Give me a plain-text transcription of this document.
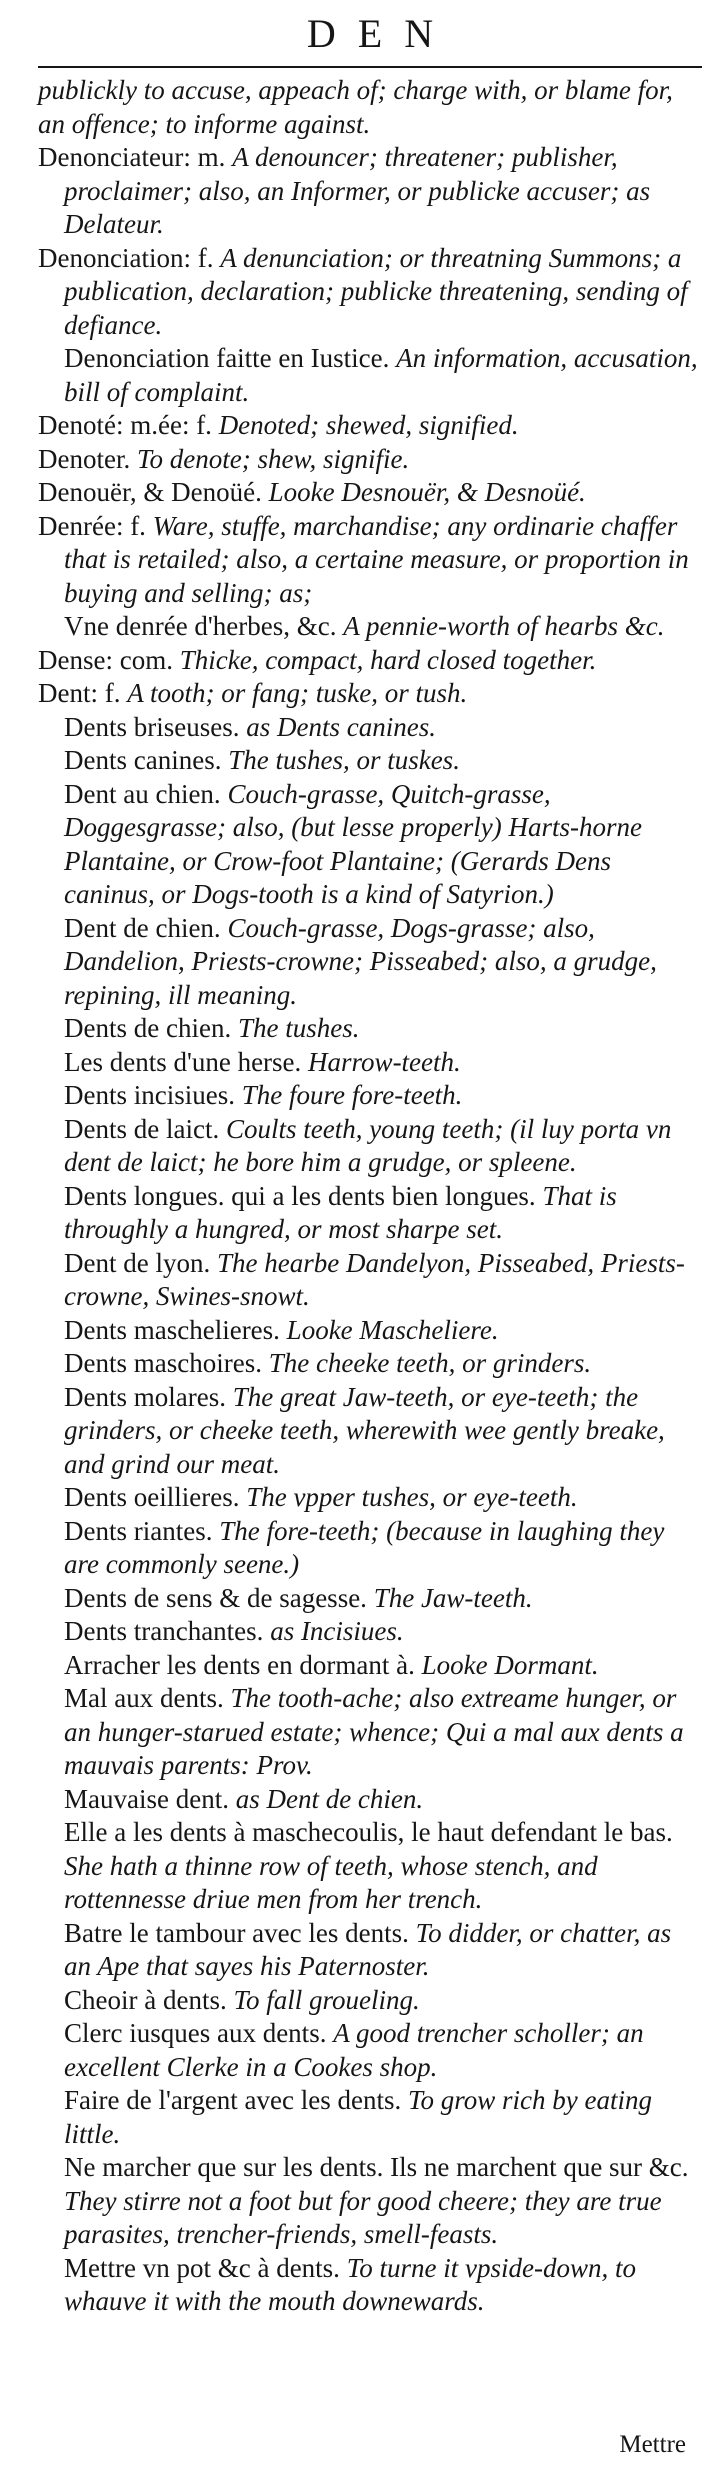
DEN
publickly to accuse, appeach of; charge with, or blame for, an offence; to informe against.
Denonciateur: m. A denouncer; threatener; publisher, proclaimer; also, an Informer, or publicke accuser; as Delateur.
Denonciation: f. A denunciation; or threatning Summons; a publication, declaration; publicke threatening, sending of defiance.
Denonciation faitte en Iustice. An information, accusation, bill of complaint.
Denoté: m.ée: f. Denoted; shewed, signified.
Denoter. To denote; shew, signifie.
Denouër, & Denoüé. Looke Desnouër, & Desnoüé.
Denrée: f. Ware, stuffe, marchandise; any ordinarie chaffer that is retailed; also, a certaine measure, or proportion in buying and selling; as;
Vne denrée d'herbes, &c. A pennie-worth of hearbs &c.
Dense: com. Thicke, compact, hard closed together.
Dent: f. A tooth; or fang; tuske, or tush.
Dents briseuses. as Dents canines.
Dents canines. The tushes, or tuskes.
Dent au chien. Couch-grasse, Quitch-grasse, Doggesgrasse; also, (but lesse properly) Harts-horne Plantaine, or Crow-foot Plantaine; (Gerards Dens caninus, or Dogs-tooth is a kind of Satyrion.)
Dent de chien. Couch-grasse, Dogs-grasse; also, Dandelion, Priests-crowne; Pisseabed; also, a grudge, repining, ill meaning.
Dents de chien. The tushes.
Les dents d'une herse. Harrow-teeth.
Dents incisiues. The foure fore-teeth.
Dents de laict. Coults teeth, young teeth; (il luy porta vn dent de laict; he bore him a grudge, or spleene.
Dents longues. qui a les dents bien longues. That is throughly a hungred, or most sharpe set.
Dent de lyon. The hearbe Dandelyon, Pisseabed, Priests-crowne, Swines-snowt.
Dents maschelieres. Looke Mascheliere.
Dents maschoires. The cheeke teeth, or grinders.
Dents molares. The great Jaw-teeth, or eye-teeth; the grinders, or cheeke teeth, wherewith wee gently breake, and grind our meat.
Dents oeillieres. The vpper tushes, or eye-teeth.
Dents riantes. The fore-teeth; (because in laughing they are commonly seene.)
Dents de sens & de sagesse. The Jaw-teeth.
Dents tranchantes. as Incisiues.
Arracher les dents en dormant à. Looke Dormant.
Mal aux dents. The tooth-ache; also extreame hunger, or an hunger-starued estate; whence; Qui a mal aux dents a mauvais parents: Prov.
Mauvaise dent. as Dent de chien.
Elle a les dents à maschecoulis, le haut defendant le bas. She hath a thinne row of teeth, whose stench, and rottennesse driue men from her trench.
Batre le tambour avec les dents. To didder, or chatter, as an Ape that sayes his Paternoster.
Cheoir à dents. To fall groueling.
Clerc iusques aux dents. A good trencher scholler; an excellent Clerke in a Cookes shop.
Faire de l'argent avec les dents. To grow rich by eating little.
Ne marcher que sur les dents. Ils ne marchent que sur &c. They stirre not a foot but for good cheere; they are true parasites, trencher-friends, smell-feasts.
Mettre vn pot &c à dents. To turne it vpside-down, to whauve it with the mouth downewards.
Mettre
